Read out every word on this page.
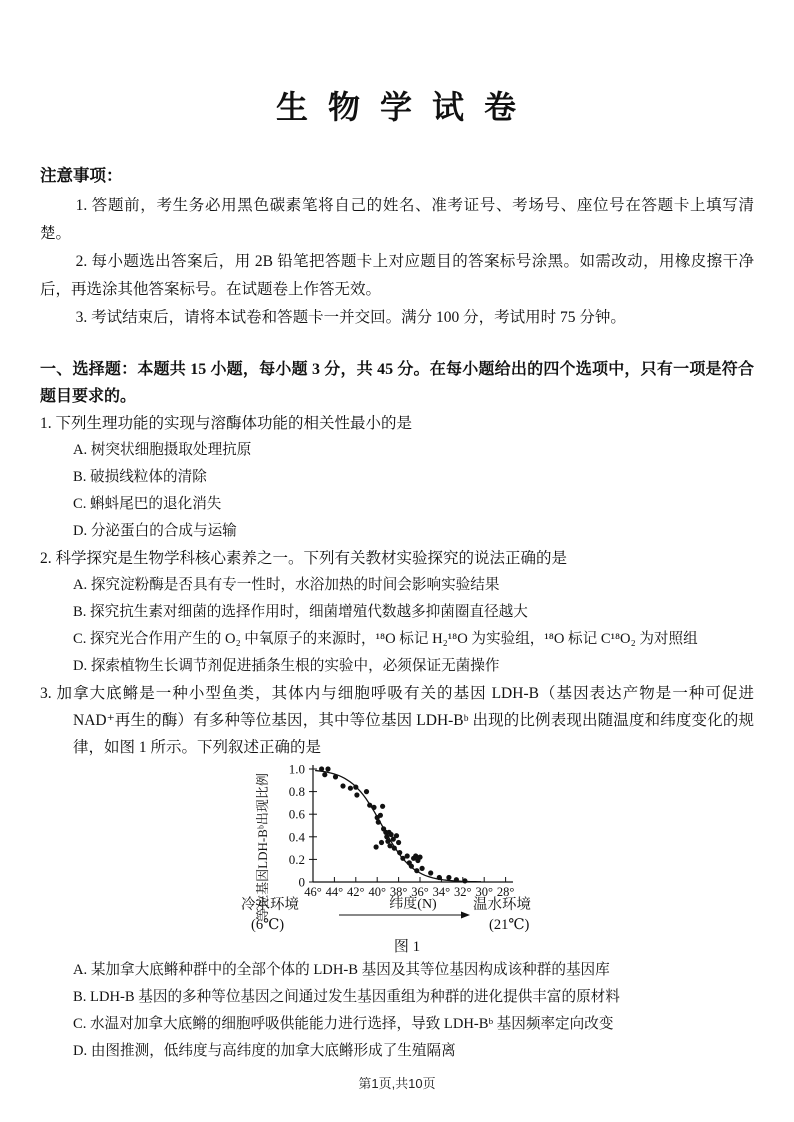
生 物 学 试 卷

注意事项：

1. 答题前，考生务必用黑色碳素笔将自己的姓名、准考证号、考场号、座位号在答题卡上填写清楚。

2. 每小题选出答案后，用 2B 铅笔把答题卡上对应题目的答案标号涂黑。如需改动，用橡皮擦干净后，再选涂其他答案标号。在试题卷上作答无效。

3. 考试结束后，请将本试卷和答题卡一并交回。满分 100 分，考试用时 75 分钟。

一、选择题：本题共 15 小题，每小题 3 分，共 45 分。在每小题给出的四个选项中，只有一项是符合题目要求的。

1. 下列生理功能的实现与溶酶体功能的相关性最小的是

A. 树突状细胞摄取处理抗原

B. 破损线粒体的清除

C. 蝌蚪尾巴的退化消失

D. 分泌蛋白的合成与运输

2. 科学探究是生物学科核心素养之一。下列有关教材实验探究的说法正确的是

A. 探究淀粉酶是否具有专一性时，水浴加热的时间会影响实验结果

B. 探究抗生素对细菌的选择作用时，细菌增殖代数越多抑菌圈直径越大

C. 探究光合作用产生的 O₂ 中氧原子的来源时，¹⁸O 标记 H₂¹⁸O 为实验组，¹⁸O 标记 C¹⁸O₂ 为对照组

D. 探索植物生长调节剂促进插条生根的实验中，必须保证无菌操作

3. 加拿大底鳉是一种小型鱼类，其体内与细胞呼吸有关的基因 LDH-B（基因表达产物是一种可促进 NAD⁺再生的酶）有多种等位基因，其中等位基因 LDH-Bᵇ 出现的比例表现出随温度和纬度变化的规律，如图 1 所示。下列叙述正确的是

1.0
0.8
0.6
0.4
0.2
0
46° 44° 42° 40° 38° 36° 34° 32° 30° 28°
等位基因LDH-Bᵇ出现比例	纬度(N)
冷水环境
(6℃)
温水环境
(21℃)
图 1

A. 某加拿大底鳉种群中的全部个体的 LDH-B 基因及其等位基因构成该种群的基因库

B. LDH-B 基因的多种等位基因之间通过发生基因重组为种群的进化提供丰富的原材料

C. 水温对加拿大底鳉的细胞呼吸供能能力进行选择，导致 LDH-Bᵇ 基因频率定向改变

D. 由图推测，低纬度与高纬度的加拿大底鳉形成了生殖隔离

第1页,共10页
